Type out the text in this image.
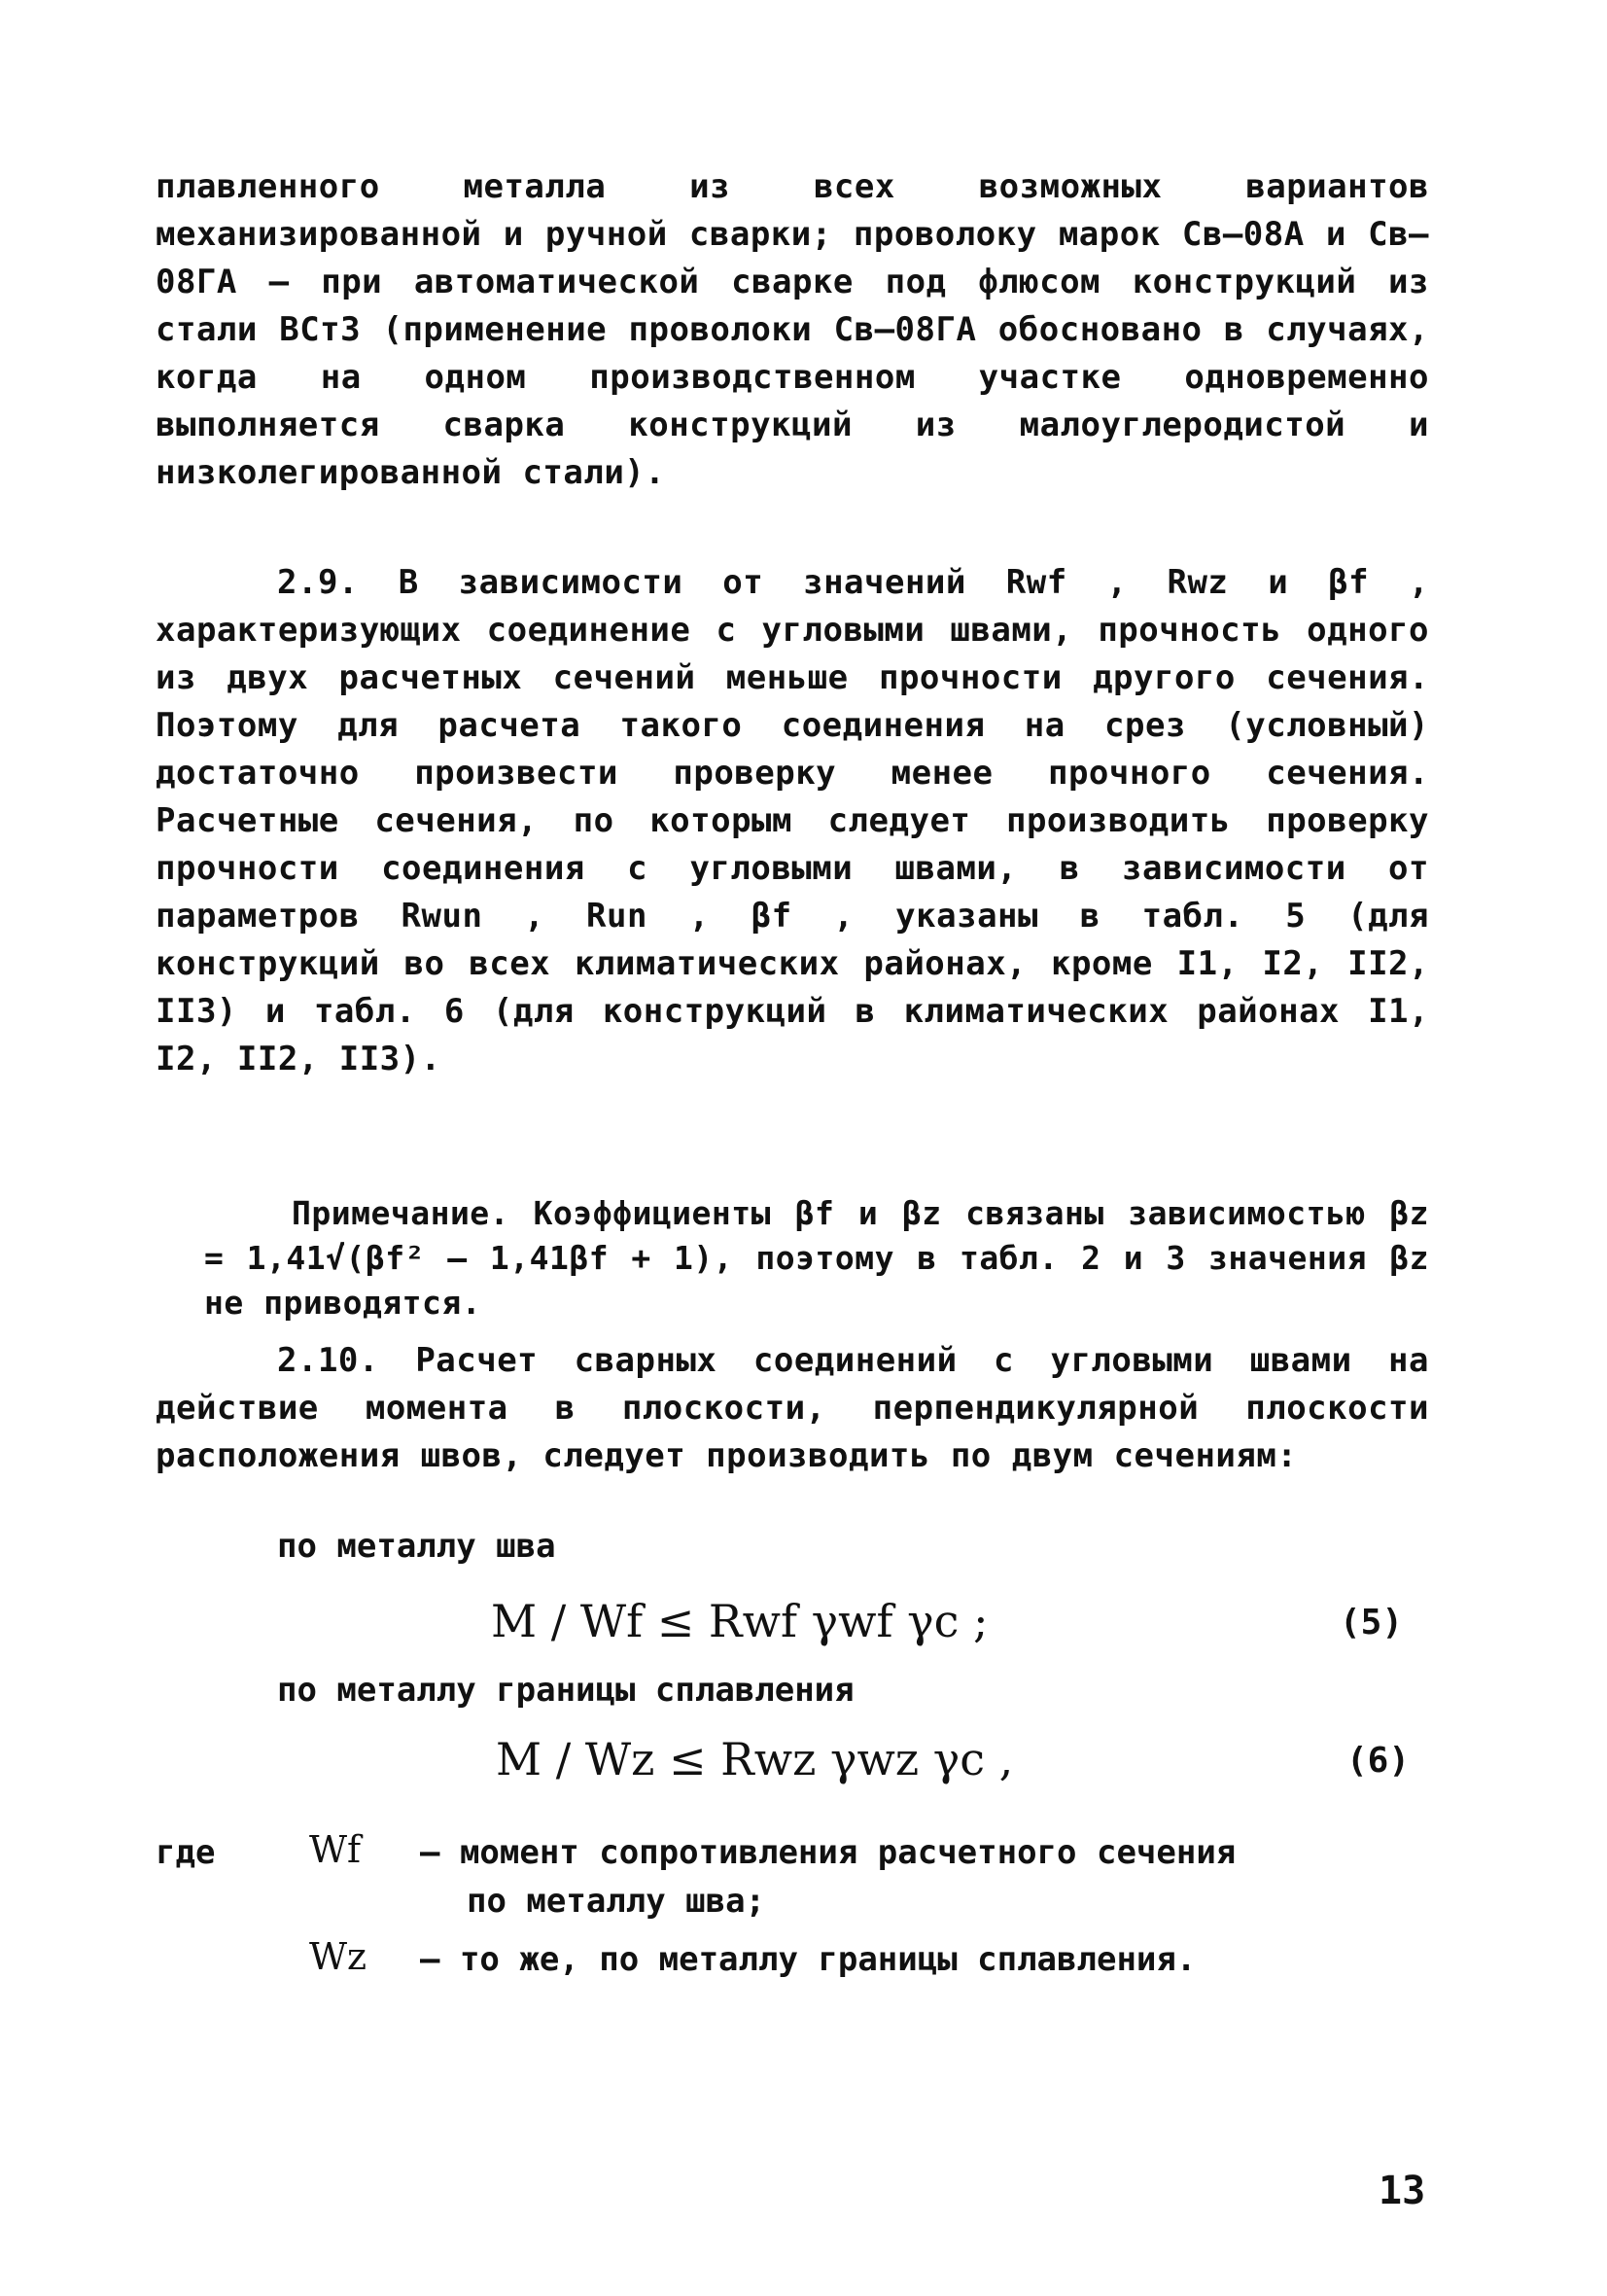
плавленного металла из всех возможных вариантов механизированной и ручной сварки; проволоку марок Св–08А и Св–08ГА – при автоматической сварке под флюсом конструкций из стали ВСт3 (применение проволоки Св–08ГА обосновано в случаях, когда на одном производственном участке одновременно выполняется сварка конструкций из малоуглеродистой и низколегированной стали).

2.9. В зависимости от значений Rwf , Rwz и βf , характеризующих соединение с угловыми швами, прочность одного из двух расчетных сечений меньше прочности другого сечения. Поэтому для расчета такого соединения на срез (условный) достаточно произвести проверку менее прочного сечения. Расчетные сечения, по которым следует производить проверку прочности соединения с угловыми швами, в зависимости от параметров Rwun , Run , βf , указаны в табл. 5 (для конструкций во всех климатических районах, кроме I1, I2, II2, II3) и табл. 6 (для конструкций в климатических районах I1, I2, II2, II3).

Примечание. Коэффициенты βf и βz связаны зависимостью βz = 1,41√(βf² – 1,41βf + 1), поэтому в табл. 2 и 3 значения βz не приводятся.

2.10. Расчет сварных соединений с угловыми швами на действие момента в плоскости, перпендикулярной плоскости расположения швов, следует производить по двум сечениям:

по металлу шва
M / Wf ≤ Rwf γwf γc ;	(5)
по металлу границы сплавления
M / Wz ≤ Rwz γwz γc ,	(6)
где	Wf – момент сопротивления расчетного сечения
по металлу шва;
Wz – то же, по металлу границы сплавления.
13
